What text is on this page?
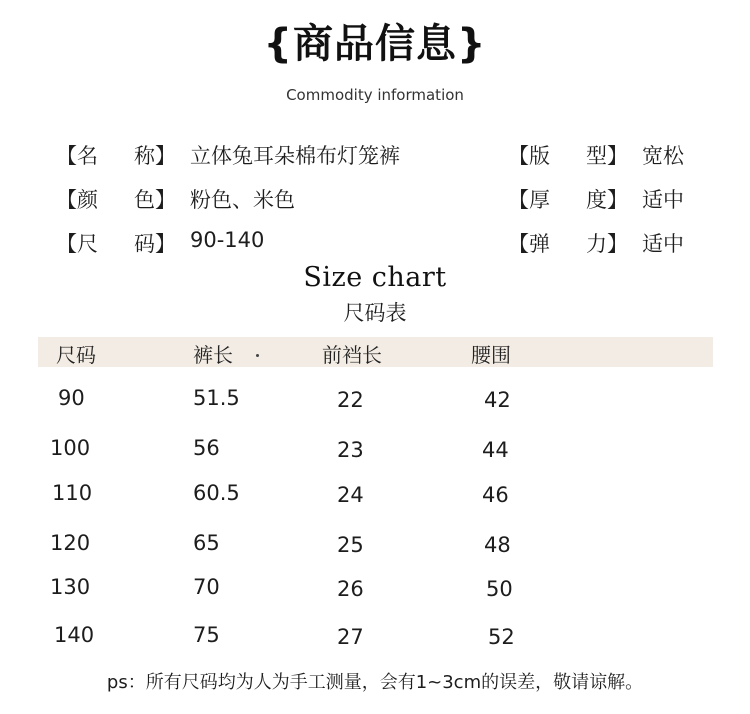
{商品信息}
Commodity information
【名 称】 立体兔耳朵棉布灯笼裤
【颜 色】 粉色、米色
【尺 码】 90-140
【版 型】 宽松
【厚 度】 适中
【弹 力】 适中
Size chart
尺码表
尺码	裤长	前裆长	腰围
90	51.5	22	42
100	56	23	44
110	60.5	24	46
120	65	25	48
130	70	26	50
140	75	27	52
ps：所有尺码均为人为手工测量，会有1~3cm的误差，敬请谅解。
